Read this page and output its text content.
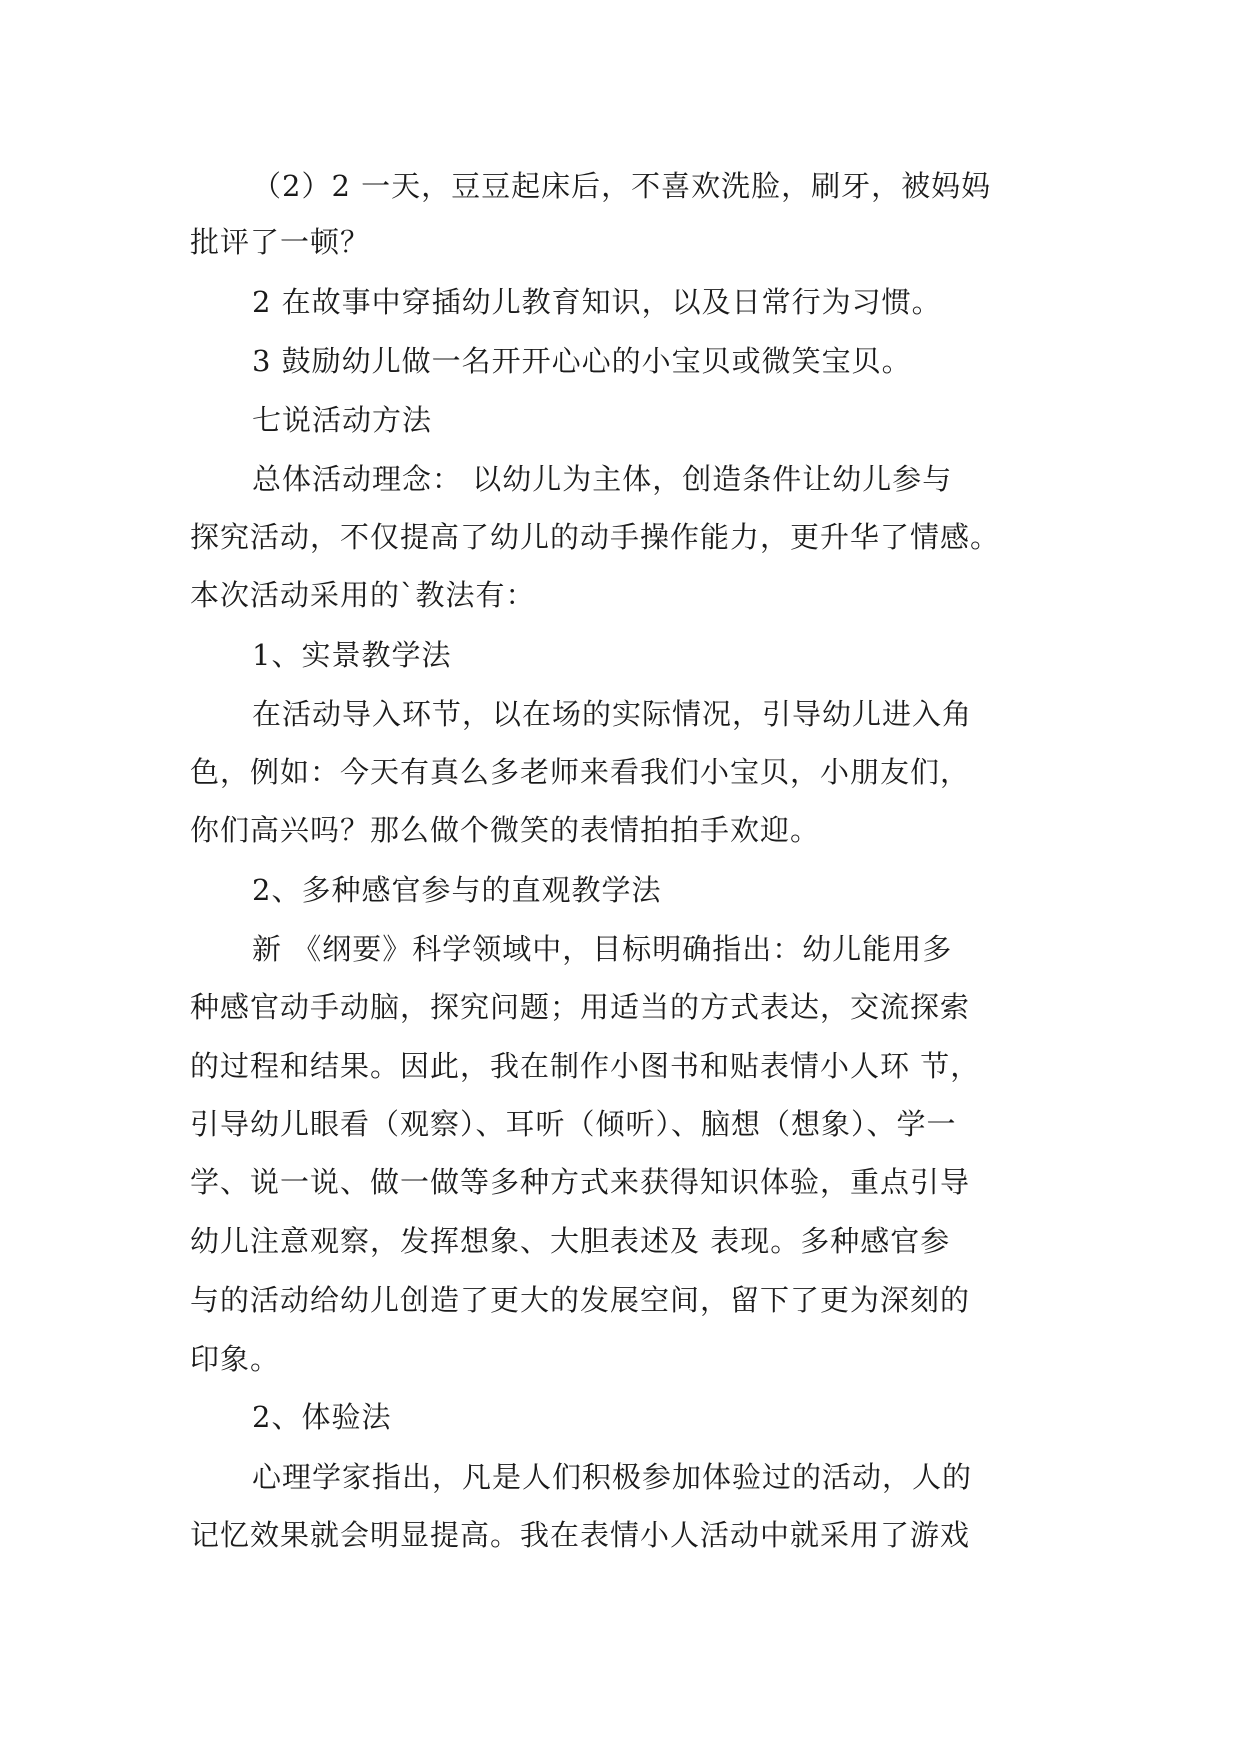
（2）2 一天，豆豆起床后，不喜欢洗脸，刷牙，被妈妈
批评了一顿？
2 在故事中穿插幼儿教育知识，以及日常行为习惯。
3 鼓励幼儿做一名开开心心的小宝贝或微笑宝贝。
七说活动方法
总体活动理念： 以幼儿为主体，创造条件让幼儿参与
探究活动，不仅提高了幼儿的动手操作能力，更升华了情感。
本次活动采用的`教法有：
1、实景教学法
在活动导入环节，以在场的实际情况，引导幼儿进入角
色，例如：今天有真么多老师来看我们小宝贝，小朋友们，
你们高兴吗？那么做个微笑的表情拍拍手欢迎。
2、多种感官参与的直观教学法
新 《纲要》科学领域中，目标明确指出：幼儿能用多
种感官动手动脑，探究问题；用适当的方式表达，交流探索
的过程和结果。因此，我在制作小图书和贴表情小人环 节，
引导幼儿眼看（观察）、耳听（倾听）、脑想（想象）、学一
学、说一说、做一做等多种方式来获得知识体验，重点引导
幼儿注意观察，发挥想象、大胆表述及 表现。多种感官参
与的活动给幼儿创造了更大的发展空间，留下了更为深刻的
印象。
2、体验法
心理学家指出，凡是人们积极参加体验过的活动，人的
记忆效果就会明显提高。我在表情小人活动中就采用了游戏
